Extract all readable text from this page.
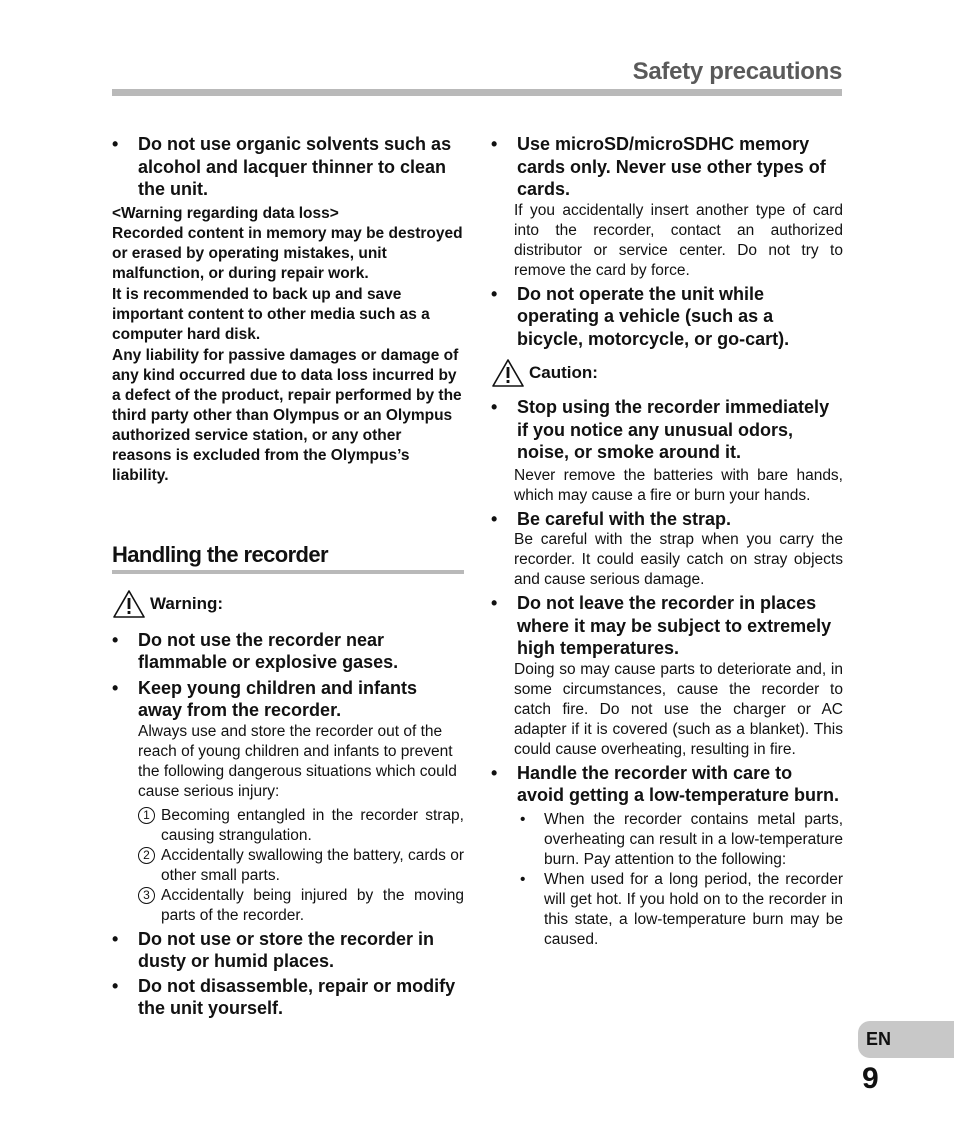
Safety precautions
•	Do not use organic solvents such as alcohol and lacquer thinner to clean the unit.
<Warning regarding data loss>
Recorded content in memory may be destroyed or erased by operating mistakes, unit malfunction, or during repair work.
It is recommended to back up and save important content to other media such as a computer hard disk.
Any liability for passive damages or damage of any kind occurred due to data loss incurred by a defect of the product, repair performed by the third party other than Olympus or an Olympus authorized service station, or any other reasons is excluded from the Olympus’s liability.
Handling the recorder
Warning:
•	Do not use the recorder near flammable or explosive gases.
•	Keep young children and infants away from the recorder.
Always use and store the recorder out of the reach of young children and infants to prevent the following dangerous situations which could cause serious injury:
1 Becoming entangled in the recorder strap, causing strangulation.
2 Accidentally swallowing the battery, cards or other small parts.
3 Accidentally being injured by the moving parts of the recorder.
•	Do not use or store the recorder in dusty or humid places.
•	Do not disassemble, repair or modify the unit yourself.
•	Use microSD/microSDHC memory cards only. Never use other types of cards.
If you accidentally insert another type of card into the recorder, contact an authorized distributor or service center. Do not try to remove the card by force.
•	Do not operate the unit while operating a vehicle (such as a bicycle, motorcycle, or go-cart).
Caution:
•	Stop using the recorder immediately if you notice any unusual odors, noise, or smoke around it.
Never remove the batteries with bare hands, which may cause a fire or burn your hands.
•	Be careful with the strap.
Be careful with the strap when you carry the recorder. It could easily catch on stray objects and cause serious damage.
•	Do not leave the recorder in places where it may be subject to extremely high temperatures.
Doing so may cause parts to deteriorate and, in some circumstances, cause the recorder to catch fire. Do not use the charger or AC adapter if it is covered (such as a blanket). This could cause overheating, resulting in fire.
•	Handle the recorder with care to avoid getting a low-temperature burn.
•	When the recorder contains metal parts, overheating can result in a low-temperature burn. Pay attention to the following:
•	When used for a long period, the recorder will get hot. If you hold on to the recorder in this state, a low-temperature burn may be caused.
EN
9
